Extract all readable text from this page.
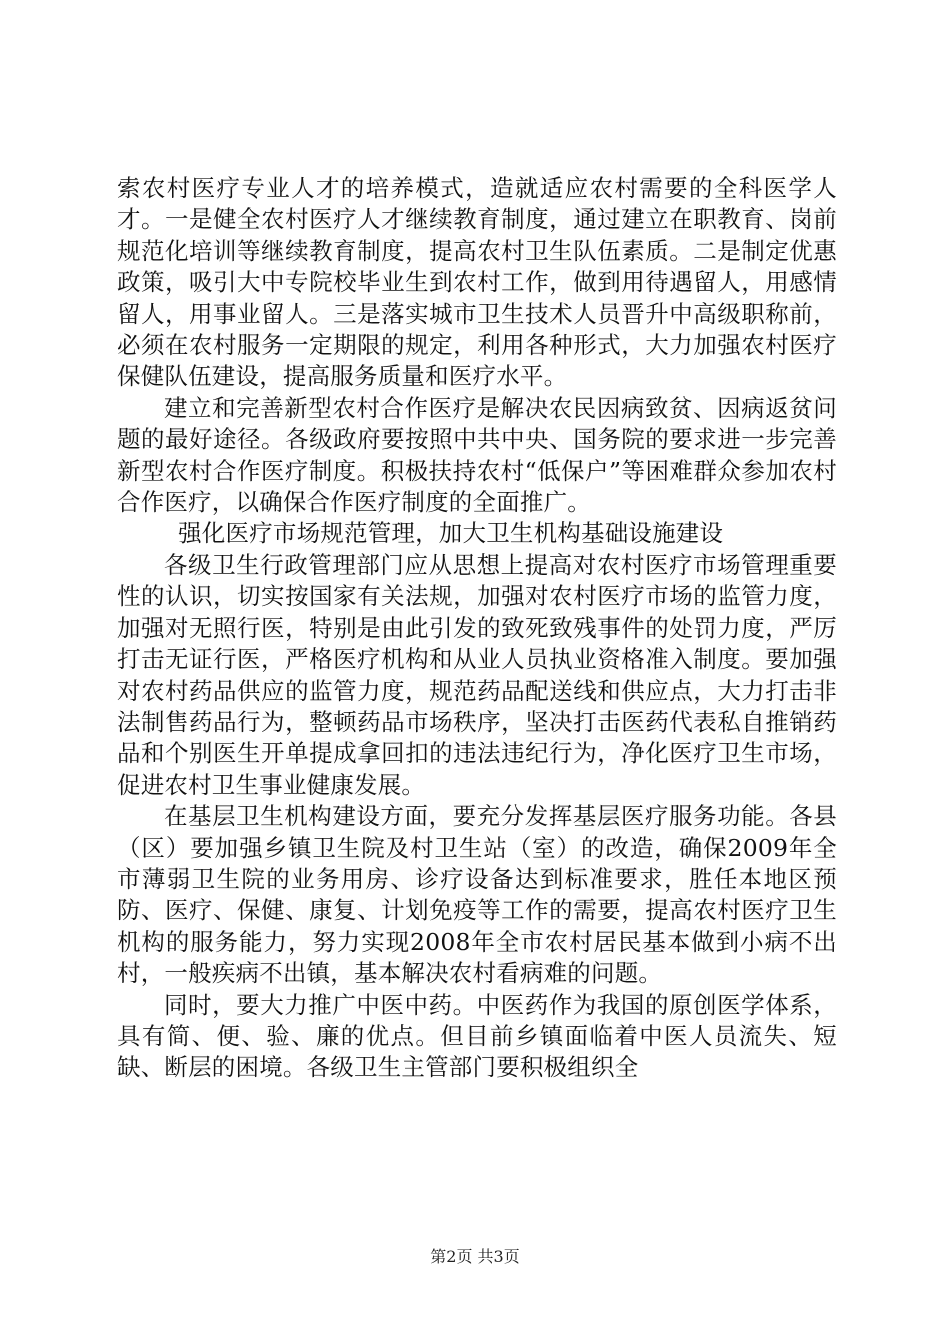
索农村医疗专业人才的培养模式，造就适应农村需要的全科医学人才。一是健全农村医疗人才继续教育制度，通过建立在职教育、岗前规范化培训等继续教育制度，提高农村卫生队伍素质。二是制定优惠政策，吸引大中专院校毕业生到农村工作，做到用待遇留人，用感情留人，用事业留人。三是落实城市卫生技术人员晋升中高级职称前，必须在农村服务一定期限的规定，利用各种形式，大力加强农村医疗保健队伍建设，提高服务质量和医疗水平。

建立和完善新型农村合作医疗是解决农民因病致贫、因病返贫问题的最好途径。各级政府要按照中共中央、国务院的要求进一步完善新型农村合作医疗制度。积极扶持农村“低保户”等困难群众参加农村合作医疗，以确保合作医疗制度的全面推广。

强化医疗市场规范管理，加大卫生机构基础设施建设

各级卫生行政管理部门应从思想上提高对农村医疗市场管理重要性的认识，切实按国家有关法规，加强对农村医疗市场的监管力度，加强对无照行医，特别是由此引发的致死致残事件的处罚力度，严厉打击无证行医，严格医疗机构和从业人员执业资格准入制度。要加强对农村药品供应的监管力度，规范药品配送线和供应点，大力打击非法制售药品行为，整顿药品市场秩序，坚决打击医药代表私自推销药品和个别医生开单提成拿回扣的违法违纪行为，净化医疗卫生市场，促进农村卫生事业健康发展。

在基层卫生机构建设方面，要充分发挥基层医疗服务功能。各县（区）要加强乡镇卫生院及村卫生站（室）的改造，确保2009年全市薄弱卫生院的业务用房、诊疗设备达到标准要求，胜任本地区预防、医疗、保健、康复、计划免疫等工作的需要，提高农村医疗卫生机构的服务能力，努力实现2008年全市农村居民基本做到小病不出村，一般疾病不出镇，基本解决农村看病难的问题。

同时，要大力推广中医中药。中医药作为我国的原创医学体系，具有简、便、验、廉的优点。但目前乡镇面临着中医人员流失、短缺、断层的困境。各级卫生主管部门要积极组织全

第2页 共3页
